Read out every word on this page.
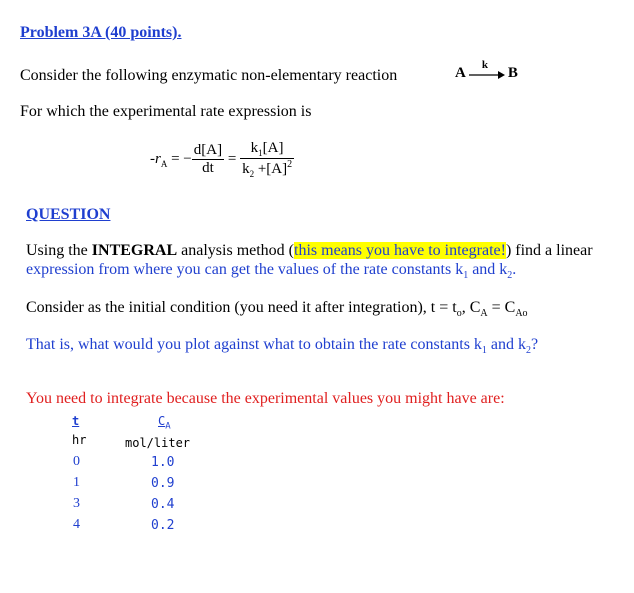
Problem 3A (40 points).
Consider the following enzymatic non-elementary reaction	A
k
B
For which the experimental rate expression is
$-r_A$ = − $\frac{d[A]}{dt} = \frac{k_1[A]}{k_2 +[A]^2}$
QUESTION
Using the INTEGRAL analysis method (this means you have to integrate!) find a linear
expression from where you can get the values of the rate constants $k_1$ and $k_2$.
Consider as the initial condition (you need it after integration), $t = t_o$, $C_A = C_{Ao}$
That is, what would you plot against what to obtain the rate constants $k_1$ and $k_2$?
You need to integrate because the experimental values you might have are:
t
hr
$C_A$
mol/liter
0
1
3
4
1.0
0.9
0.4
0.2
